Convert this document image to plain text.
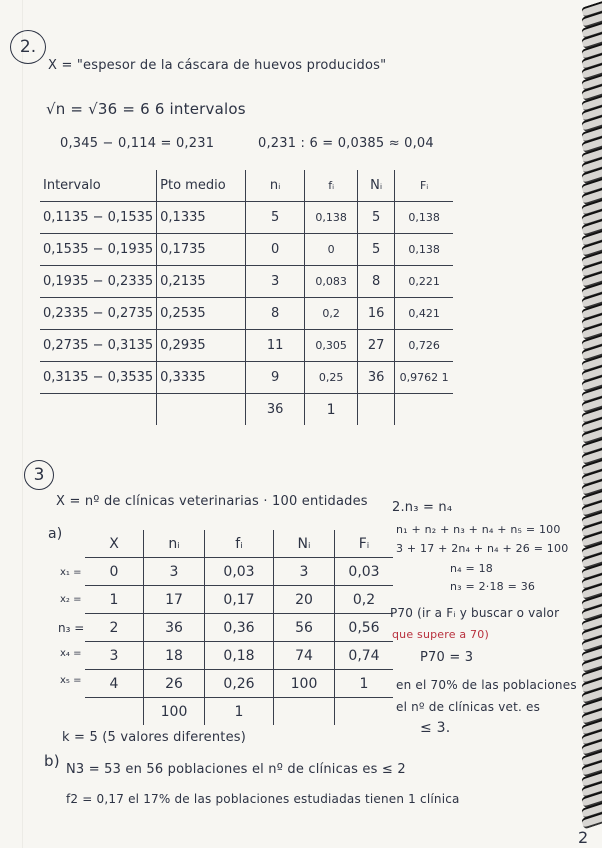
2.
X = "espesor de la cáscara de huevos producidos"
√n = √36 = 6 6 intervalos
0,345 − 0,114 = 0,231	0,231 : 6 = 0,0385 ≈ 0,04
Intervalo	Pto medio	nᵢ	fᵢ	Nᵢ	Fᵢ
0,1135 − 0,1535	0,1335	5	0,138	5	0,138
0,1535 − 0,1935	0,1735	0	0	5	0,138
0,1935 − 0,2335	0,2135	3	0,083	8	0,221
0,2335 − 0,2735	0,2535	8	0,2	16	0,421
0,2735 − 0,3135	0,2935	11	0,305	27	0,726
0,3135 − 0,3535	0,3335	9	0,25	36	0,9762 1
		36	1		
3
X = nº de clínicas veterinarias · 100 entidades
a)
x₁ =
x₂ =
n₃ =
x₄ =
x₅ =
X	nᵢ	fᵢ	Nᵢ	Fᵢ
0	3	0,03	3	0,03
1	17	0,17	20	0,2
2	36	0,36	56	0,56
3	18	0,18	74	0,74
4	26	0,26	100	1
	100	1		
k = 5 (5 valores diferentes)
2.n₃ = n₄
n₁ + n₂ + n₃ + n₄ + n₅ = 100
3 + 17 + 2n₄ + n₄ + 26 = 100
n₄ = 18
n₃ = 2·18 = 36
P70 (ir a Fᵢ y buscar o valor
que supere a 70)
P70 = 3
en el 70% de las poblaciones
el nº de clínicas vet. es
≤ 3.
b) N3 = 53 en 56 poblaciones el nº de clínicas es ≤ 2
f2 = 0,17 el 17% de las poblaciones estudiadas tienen 1 clínica
2
